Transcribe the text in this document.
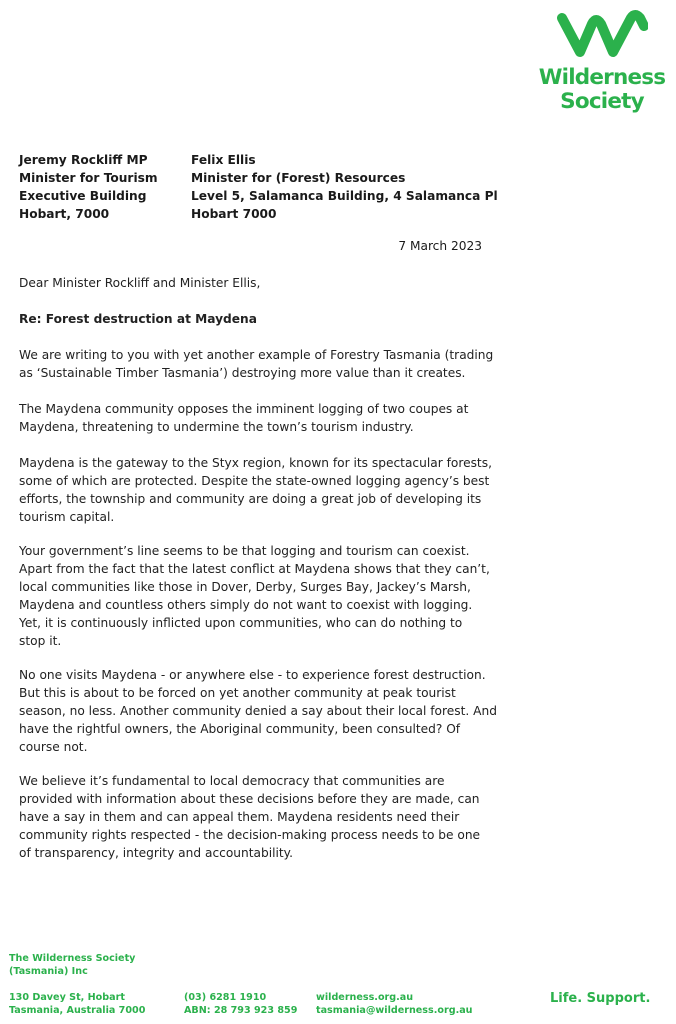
Wilderness
Society
Jeremy Rockliff MP
Minister for Tourism
Executive Building
Hobart, 7000
Felix Ellis
Minister for (Forest) Resources
Level 5, Salamanca Building, 4 Salamanca Pl
Hobart 7000
7 March 2023
Dear Minister Rockliff and Minister Ellis,
Re: Forest destruction at Maydena
We are writing to you with yet another example of Forestry Tasmania (trading
as ‘Sustainable Timber Tasmania’) destroying more value than it creates.
The Maydena community opposes the imminent logging of two coupes at
Maydena, threatening to undermine the town’s tourism industry.
Maydena is the gateway to the Styx region, known for its spectacular forests,
some of which are protected. Despite the state-owned logging agency’s best
efforts, the township and community are doing a great job of developing its
tourism capital.
Your government’s line seems to be that logging and tourism can coexist.
Apart from the fact that the latest conflict at Maydena shows that they can’t,
local communities like those in Dover, Derby, Surges Bay, Jackey’s Marsh,
Maydena and countless others simply do not want to coexist with logging.
Yet, it is continuously inflicted upon communities, who can do nothing to
stop it.
No one visits Maydena - or anywhere else - to experience forest destruction.
But this is about to be forced on yet another community at peak tourist
season, no less. Another community denied a say about their local forest. And
have the rightful owners, the Aboriginal community, been consulted? Of
course not.
We believe it’s fundamental to local democracy that communities are
provided with information about these decisions before they are made, can
have a say in them and can appeal them. Maydena residents need their
community rights respected - the decision-making process needs to be one
of transparency, integrity and accountability.
The Wilderness Society
(Tasmania) Inc
130 Davey St, Hobart
Tasmania, Australia 7000
(03) 6281 1910
ABN: 28 793 923 859
wilderness.org.au
tasmania@wilderness.org.au
Life. Support.
